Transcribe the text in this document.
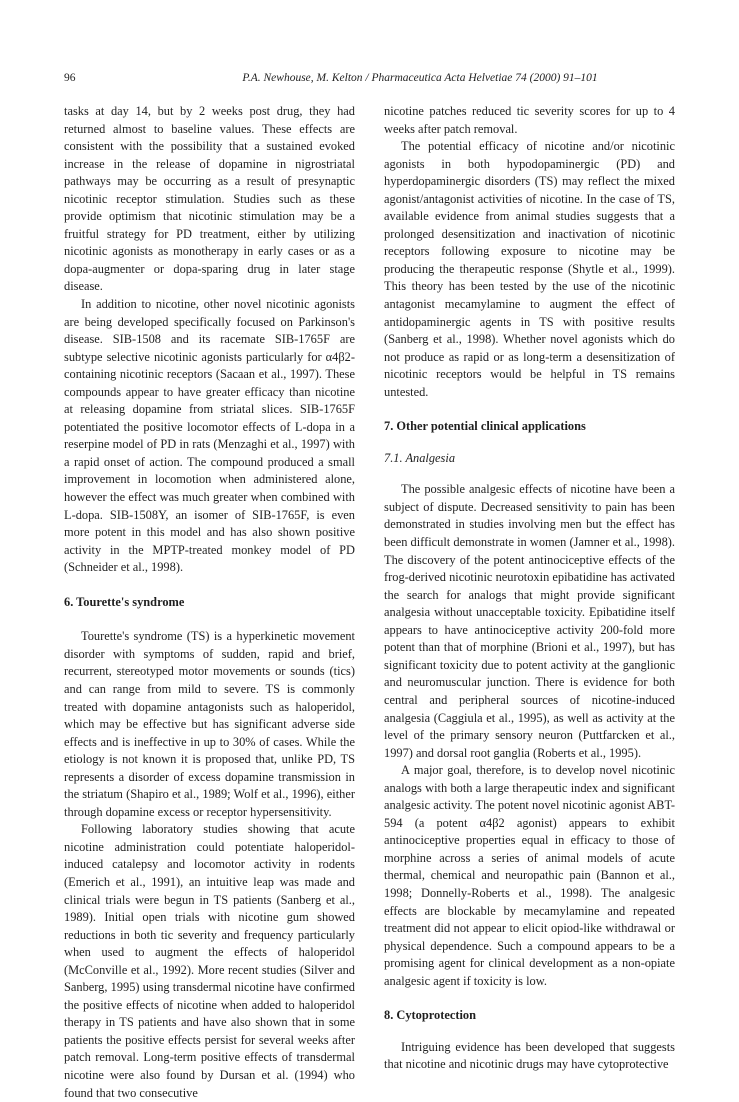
96	P.A. Newhouse, M. Kelton / Pharmaceutica Acta Helvetiae 74 (2000) 91–101

tasks at day 14, but by 2 weeks post drug, they had returned almost to baseline values. These effects are consistent with the possibility that a sustained evoked increase in the release of dopamine in nigrostriatal pathways may be occurring as a result of presynaptic nicotinic receptor stimulation. Studies such as these provide optimism that nicotinic stimulation may be a fruitful strategy for PD treatment, either by utilizing nicotinic agonists as monotherapy in early cases or as a dopa-augmenter or dopa-sparing drug in later stage disease.

In addition to nicotine, other novel nicotinic agonists are being developed specifically focused on Parkinson's disease. SIB-1508 and its racemate SIB-1765F are subtype selective nicotinic agonists particularly for α4β2-containing nicotinic receptors (Sacaan et al., 1997). These compounds appear to have greater efficacy than nicotine at releasing dopamine from striatal slices. SIB-1765F potentiated the positive locomotor effects of L-dopa in a reserpine model of PD in rats (Menzaghi et al., 1997) with a rapid onset of action. The compound produced a small improvement in locomotion when administered alone, however the effect was much greater when combined with L-dopa. SIB-1508Y, an isomer of SIB-1765F, is even more potent in this model and has also shown positive activity in the MPTP-treated monkey model of PD (Schneider et al., 1998).

6. Tourette's syndrome

Tourette's syndrome (TS) is a hyperkinetic movement disorder with symptoms of sudden, rapid and brief, recurrent, stereotyped motor movements or sounds (tics) and can range from mild to severe. TS is commonly treated with dopamine antagonists such as haloperidol, which may be effective but has significant adverse side effects and is ineffective in up to 30% of cases. While the etiology is not known it is proposed that, unlike PD, TS represents a disorder of excess dopamine transmission in the striatum (Shapiro et al., 1989; Wolf et al., 1996), either through dopamine excess or receptor hypersensitivity.

Following laboratory studies showing that acute nicotine administration could potentiate haloperidol-induced catalepsy and locomotor activity in rodents (Emerich et al., 1991), an intuitive leap was made and clinical trials were begun in TS patients (Sanberg et al., 1989). Initial open trials with nicotine gum showed reductions in both tic severity and frequency particularly when used to augment the effects of haloperidol (McConville et al., 1992). More recent studies (Silver and Sanberg, 1995) using transdermal nicotine have confirmed the positive effects of nicotine when added to haloperidol therapy in TS patients and have also shown that in some patients the positive effects persist for several weeks after patch removal. Long-term positive effects of transdermal nicotine were also found by Dursan et al. (1994) who found that two consecutive

nicotine patches reduced tic severity scores for up to 4 weeks after patch removal.

The potential efficacy of nicotine and/or nicotinic agonists in both hypodopaminergic (PD) and hyperdopaminergic disorders (TS) may reflect the mixed agonist/antagonist activities of nicotine. In the case of TS, available evidence from animal studies suggests that a prolonged desensitization and inactivation of nicotinic receptors following exposure to nicotine may be producing the therapeutic response (Shytle et al., 1999). This theory has been tested by the use of the nicotinic antagonist mecamylamine to augment the effect of antidopaminergic agents in TS with positive results (Sanberg et al., 1998). Whether novel agonists which do not produce as rapid or as long-term a desensitization of nicotinic receptors would be helpful in TS remains untested.

7. Other potential clinical applications
7.1. Analgesia

The possible analgesic effects of nicotine have been a subject of dispute. Decreased sensitivity to pain has been demonstrated in studies involving men but the effect has been difficult demonstrate in women (Jamner et al., 1998). The discovery of the potent antinociceptive effects of the frog-derived nicotinic neurotoxin epibatidine has activated the search for analogs that might provide significant analgesia without unacceptable toxicity. Epibatidine itself appears to have antinociceptive activity 200-fold more potent than that of morphine (Brioni et al., 1997), but has significant toxicity due to potent activity at the ganglionic and neuromuscular junction. There is evidence for both central and peripheral sources of nicotine-induced analgesia (Caggiula et al., 1995), as well as activity at the level of the primary sensory neuron (Puttfarcken et al., 1997) and dorsal root ganglia (Roberts et al., 1995).

A major goal, therefore, is to develop novel nicotinic analogs with both a large therapeutic index and significant analgesic activity. The potent novel nicotinic agonist ABT-594 (a potent α4β2 agonist) appears to exhibit antinociceptive properties equal in efficacy to those of morphine across a series of animal models of acute thermal, chemical and neuropathic pain (Bannon et al., 1998; Donnelly-Roberts et al., 1998). The analgesic effects are blockable by mecamylamine and repeated treatment did not appear to elicit opiod-like withdrawal or physical dependence. Such a compound appears to be a promising agent for clinical development as a non-opiate analgesic agent if toxicity is low.

8. Cytoprotection

Intriguing evidence has been developed that suggests that nicotine and nicotinic drugs may have cytoprotective
